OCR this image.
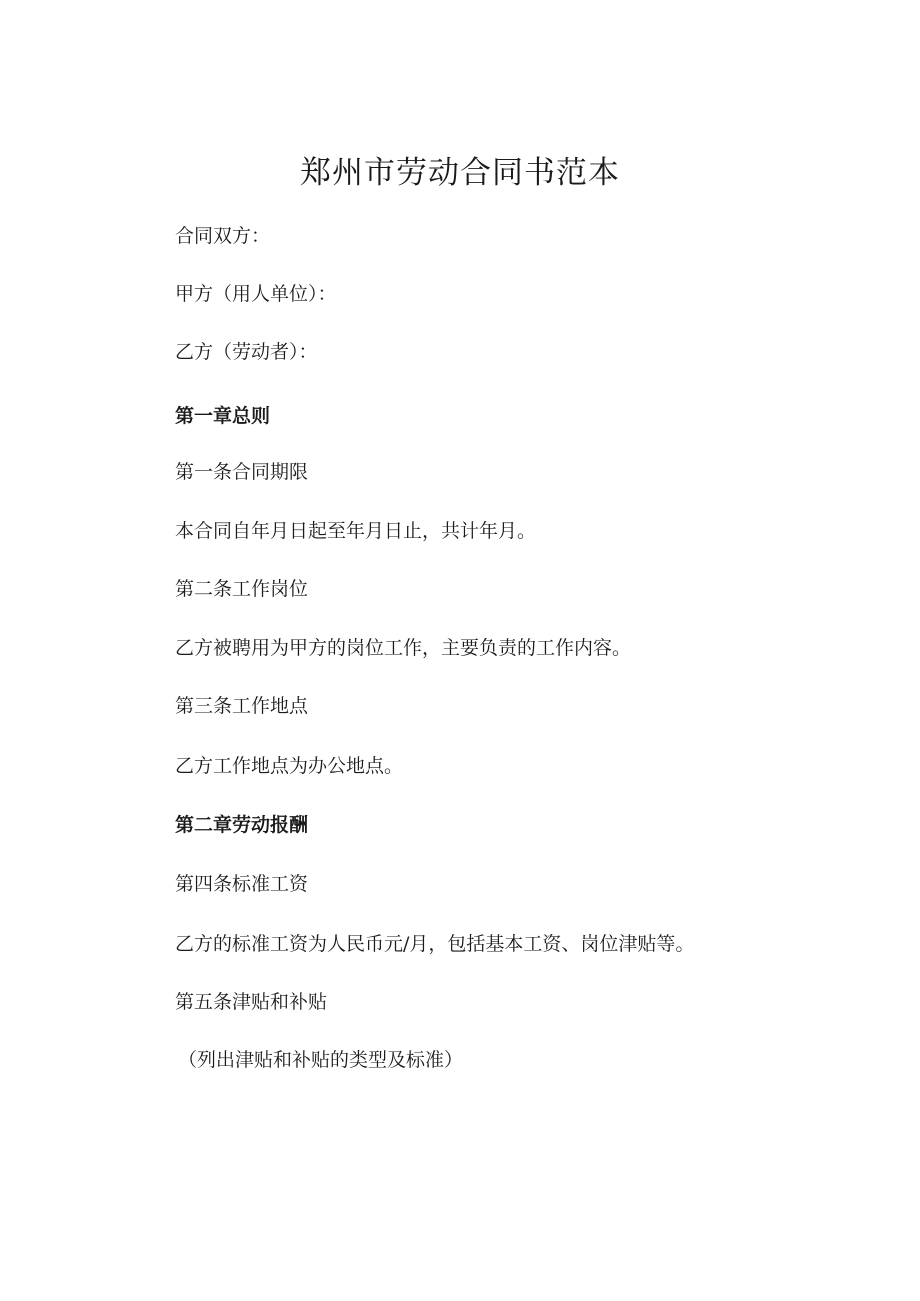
郑州市劳动合同书范本

合同双方：

甲方（用人单位）：

乙方（劳动者）：

第一章总则

第一条合同期限

本合同自年月日起至年月日止，共计年月。

第二条工作岗位

乙方被聘用为甲方的岗位工作，主要负责的工作内容。

第三条工作地点

乙方工作地点为办公地点。

第二章劳动报酬

第四条标准工资

乙方的标准工资为人民币元/月，包括基本工资、岗位津贴等。

第五条津贴和补贴

（列出津贴和补贴的类型及标准）
